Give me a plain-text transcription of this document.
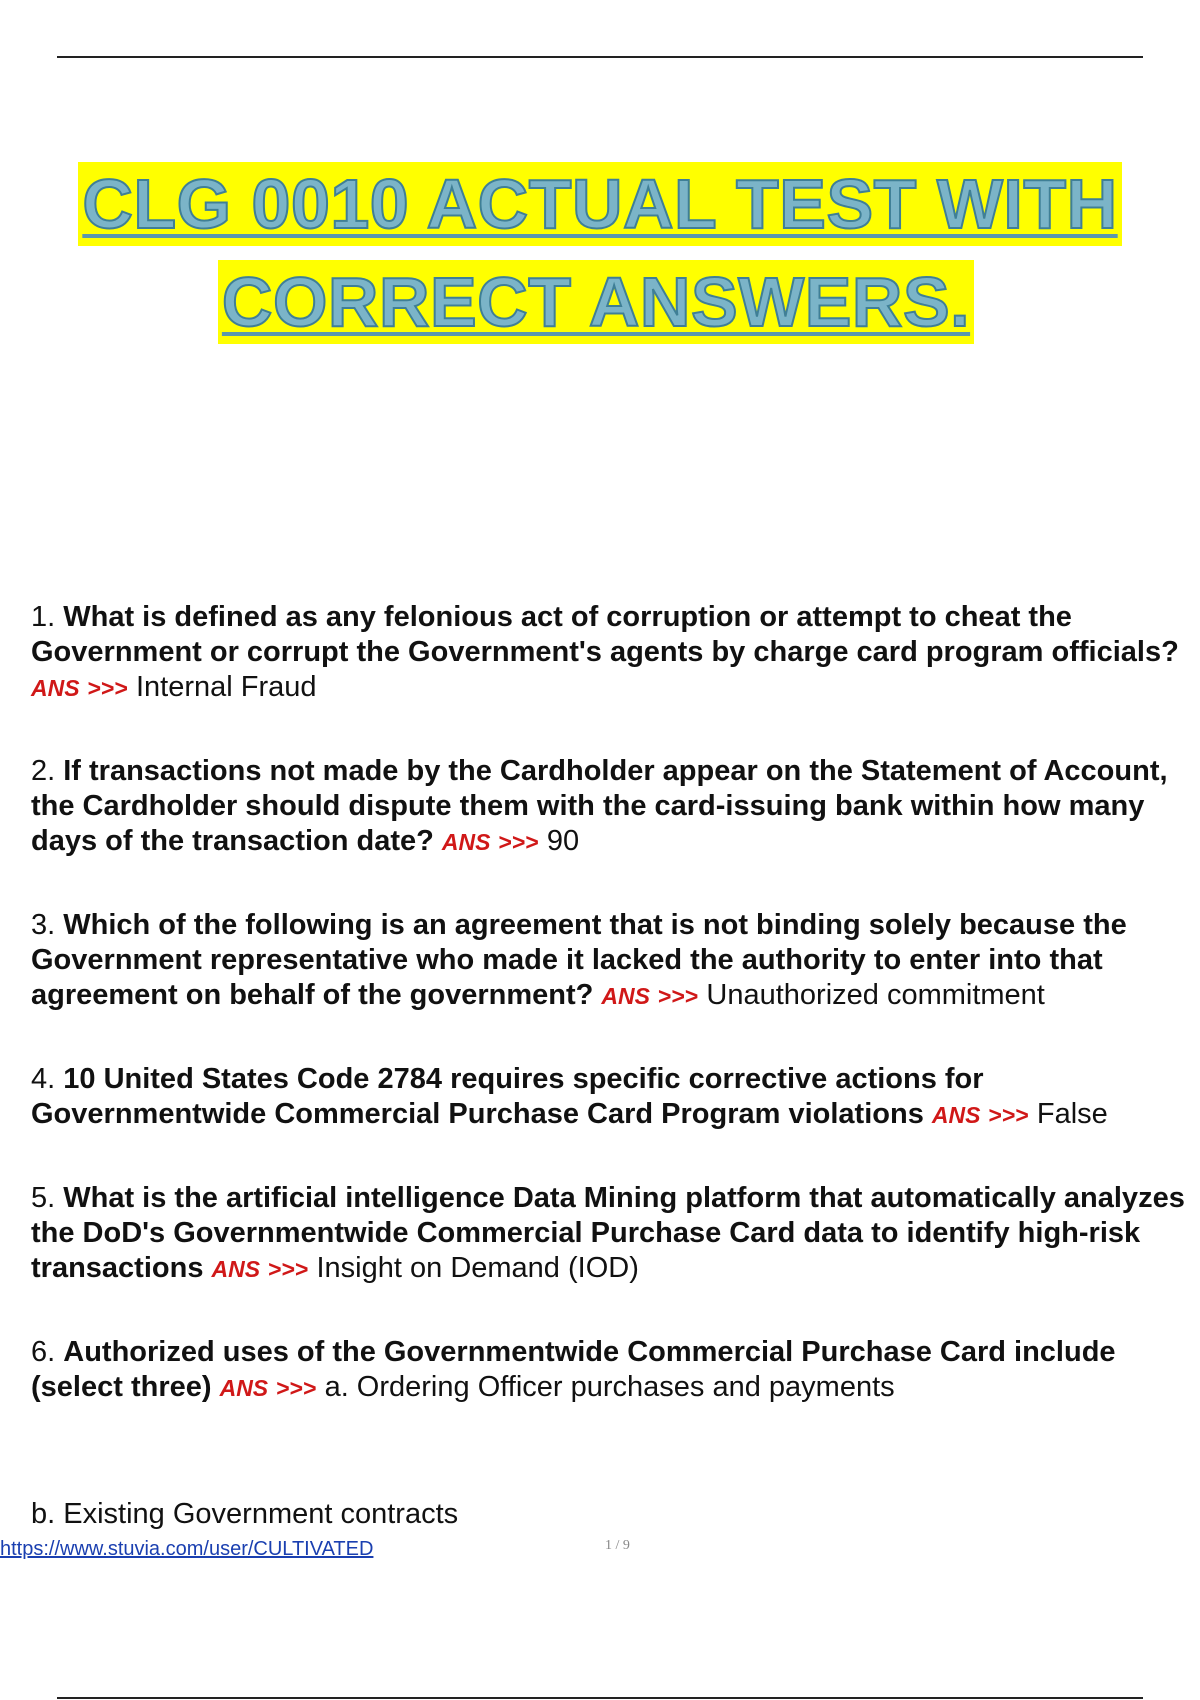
CLG 0010 ACTUAL TEST WITH
CORRECT ANSWERS.

1. What is defined as any felonious act of corruption or attempt to cheat the Government or corrupt the Government's agents by charge card program officials? ANS >>> Internal Fraud

2. If transactions not made by the Cardholder appear on the Statement of Account, the Cardholder should dispute them with the card-issuing bank within how many days of the transaction date? ANS >>> 90

3. Which of the following is an agreement that is not binding solely because the Government representative who made it lacked the authority to enter into that agreement on behalf of the government? ANS >>> Unauthorized commitment

4. 10 United States Code 2784 requires specific corrective actions for Governmentwide Commercial Purchase Card Program violations ANS >>> False

5. What is the artificial intelligence Data Mining platform that automatically analyzes the DoD's Governmentwide Commercial Purchase Card data to identify high-risk transactions ANS >>> Insight on Demand (IOD)

6. Authorized uses of the Governmentwide Commercial Purchase Card include (select three) ANS >>> a. Ordering Officer purchases and payments

b. Existing Government contracts
https://www.stuvia.com/user/CULTIVATED	1 / 9
